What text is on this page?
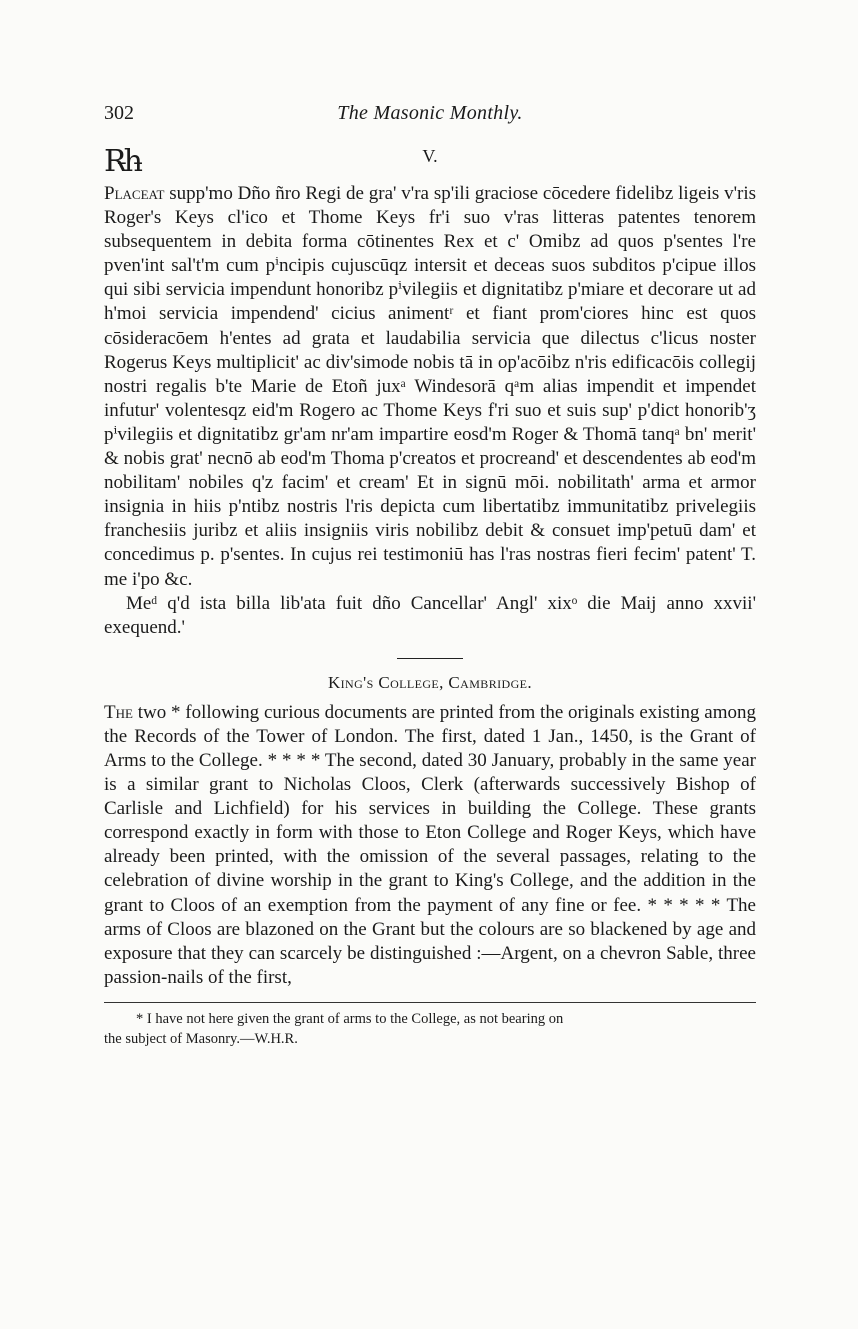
302	The Masonic Monthly.
R̵h̵	V.

Placeat supp'mo Dño ñro Regi de gra' v'ra sp'ili graciose cōcedere fidelibz ligeis v'ris Roger's Keys cl'ico et Thome Keys fr'i suo v'ras litteras patentes tenorem subsequentem in debita forma cōtinentes Rex et c' Omibz ad quos p'sentes l're pven'int sal't'm cum pⁱncipis cujuscūqz intersit et deceas suos subditos p'cipue illos qui sibi servicia impendunt honoribz pⁱvilegiis et dignitatibz p'miare et decorare ut ad h'moi servicia impendend' cicius animentʳ et fiant prom'ciores hinc est quos cōsideracōem h'entes ad grata et laudabilia servicia que dilectus c'licus noster Rogerus Keys multiplicit' ac div'simode nobis tā in op'acōibz n'ris edificacōis collegij nostri regalis b'te Marie de Etoñ juxᵃ Windesorā qᵃm alias impendit et impendet infutur' volentesqz eid'm Rogero ac Thome Keys f'ri suo et suis sup' p'dict honorib'ʒ pⁱvilegiis et dignitatibz gr'am nr'am impartire eosd'm Roger & Thomā tanqᵃ bn' merit' & nobis grat' necnō ab eod'm Thoma p'creatos et procreand' et descendentes ab eod'm nobilitam' nobiles q'z facim' et cream' Et in signū mōi. nobilitath' arma et armor insignia in hiis p'ntibz nostris l'ris depicta cum libertatibz immunitatibz privelegiis franchesiis juribz et aliis insigniis viris nobilibz debit & consuet imp'petuū dam' et concedimus p. p'sentes. In cujus rei testimoniū has l'ras nostras fieri fecim' patent' T. me i'po &c.

Meᵈ q'd ista billa lib'ata fuit dño Cancellar' Angl' xixᵒ die Maij anno xxvii' exequend.'

King's College, Cambridge.

The two * following curious documents are printed from the originals existing among the Records of the Tower of London. The first, dated 1 Jan., 1450, is the Grant of Arms to the College. * * * * The second, dated 30 January, probably in the same year is a similar grant to Nicholas Cloos, Clerk (afterwards successively Bishop of Carlisle and Lichfield) for his services in building the College. These grants correspond exactly in form with those to Eton College and Roger Keys, which have already been printed, with the omission of the several passages, relating to the celebration of divine worship in the grant to King's College, and the addition in the grant to Cloos of an exemption from the payment of any fine or fee. * * * * * The arms of Cloos are blazoned on the Grant but the colours are so blackened by age and exposure that they can scarcely be distinguished :—Argent, on a chevron Sable, three passion-nails of the first,

* I have not here given the grant of arms to the College, as not bearing on
the subject of Masonry.—W.H.R.
